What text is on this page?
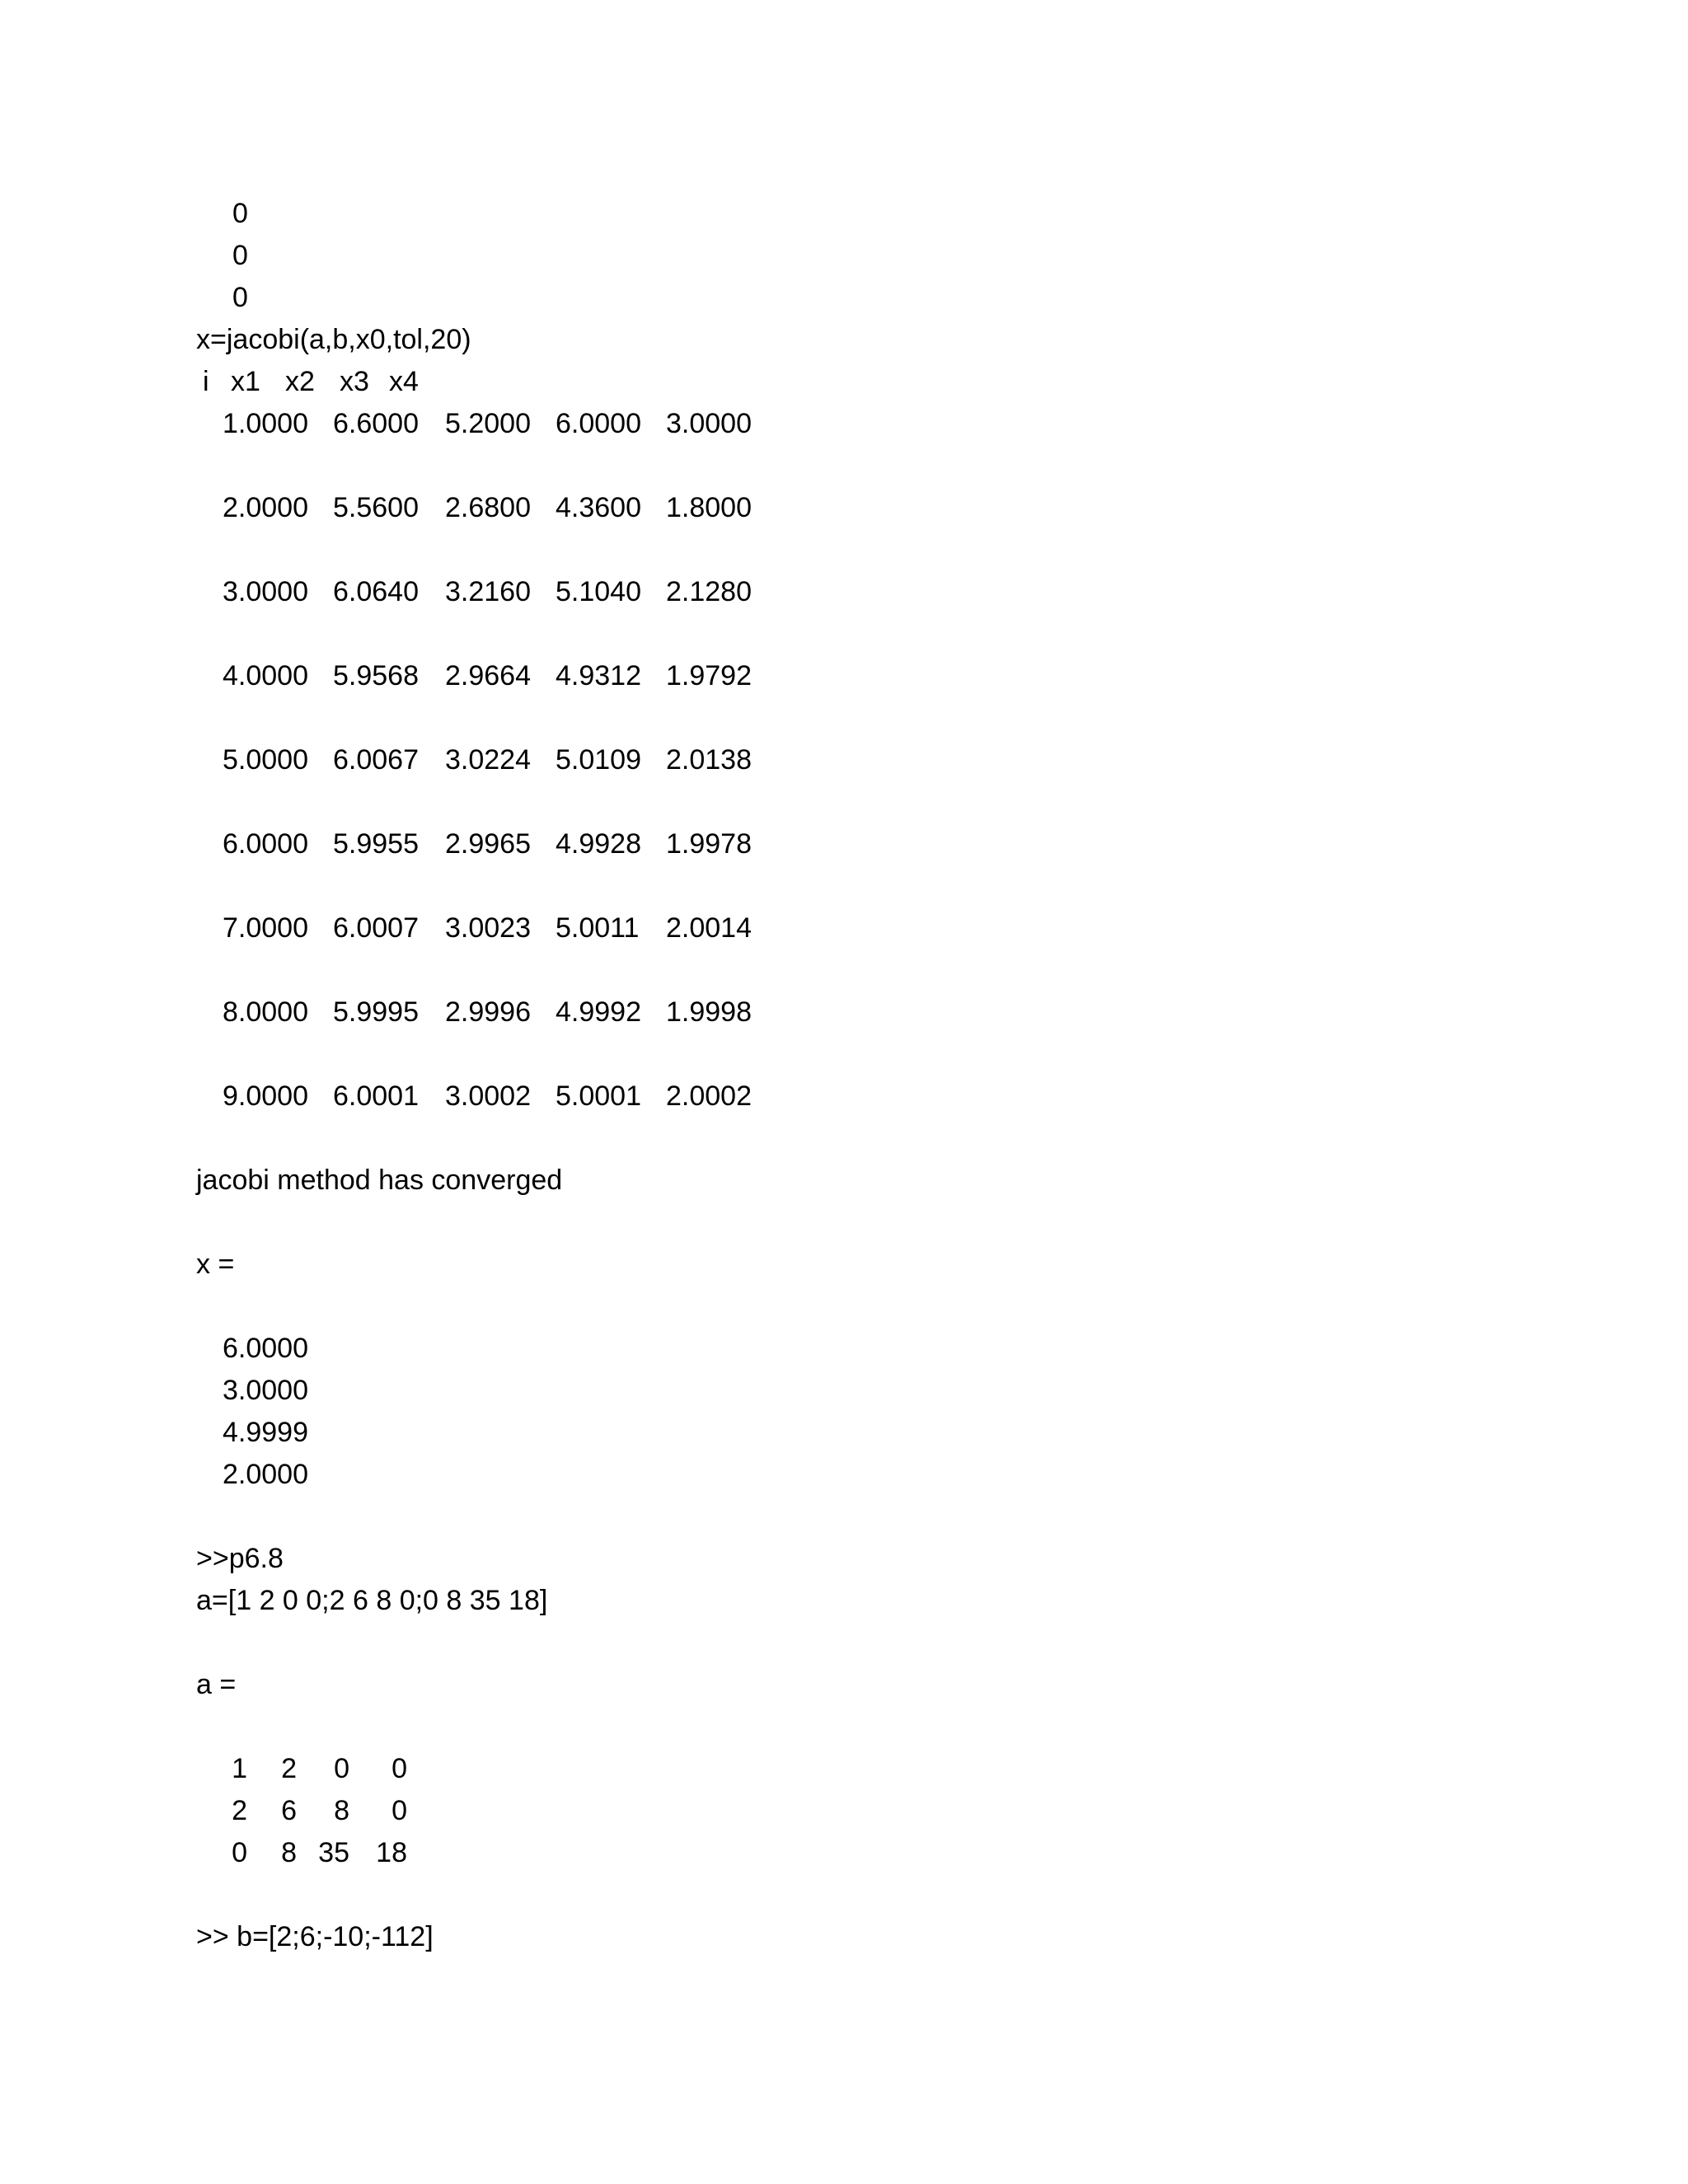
0
0
0
x=jacobi(a,b,x0,tol,20)
i x1 x2 x3 x4
1.0000 6.6000 5.2000 6.0000 3.0000
2.0000 5.5600 2.6800 4.3600 1.8000
3.0000 6.0640 3.2160 5.1040 2.1280
4.0000 5.9568 2.9664 4.9312 1.9792
5.0000 6.0067 3.0224 5.0109 2.0138
6.0000 5.9955 2.9965 4.9928 1.9978
7.0000 6.0007 3.0023 5.0011 2.0014
8.0000 5.9995 2.9996 4.9992 1.9998
9.0000 6.0001 3.0002 5.0001 2.0002
jacobi method has converged
x =
6.0000
3.0000
4.9999
2.0000
>>p6.8
a=[1 2 0 0;2 6 8 0;0 8 35 18]
a =
1 2 0 0
2 6 8 0
0 8 35 18
>> b=[2;6;-10;-112]
